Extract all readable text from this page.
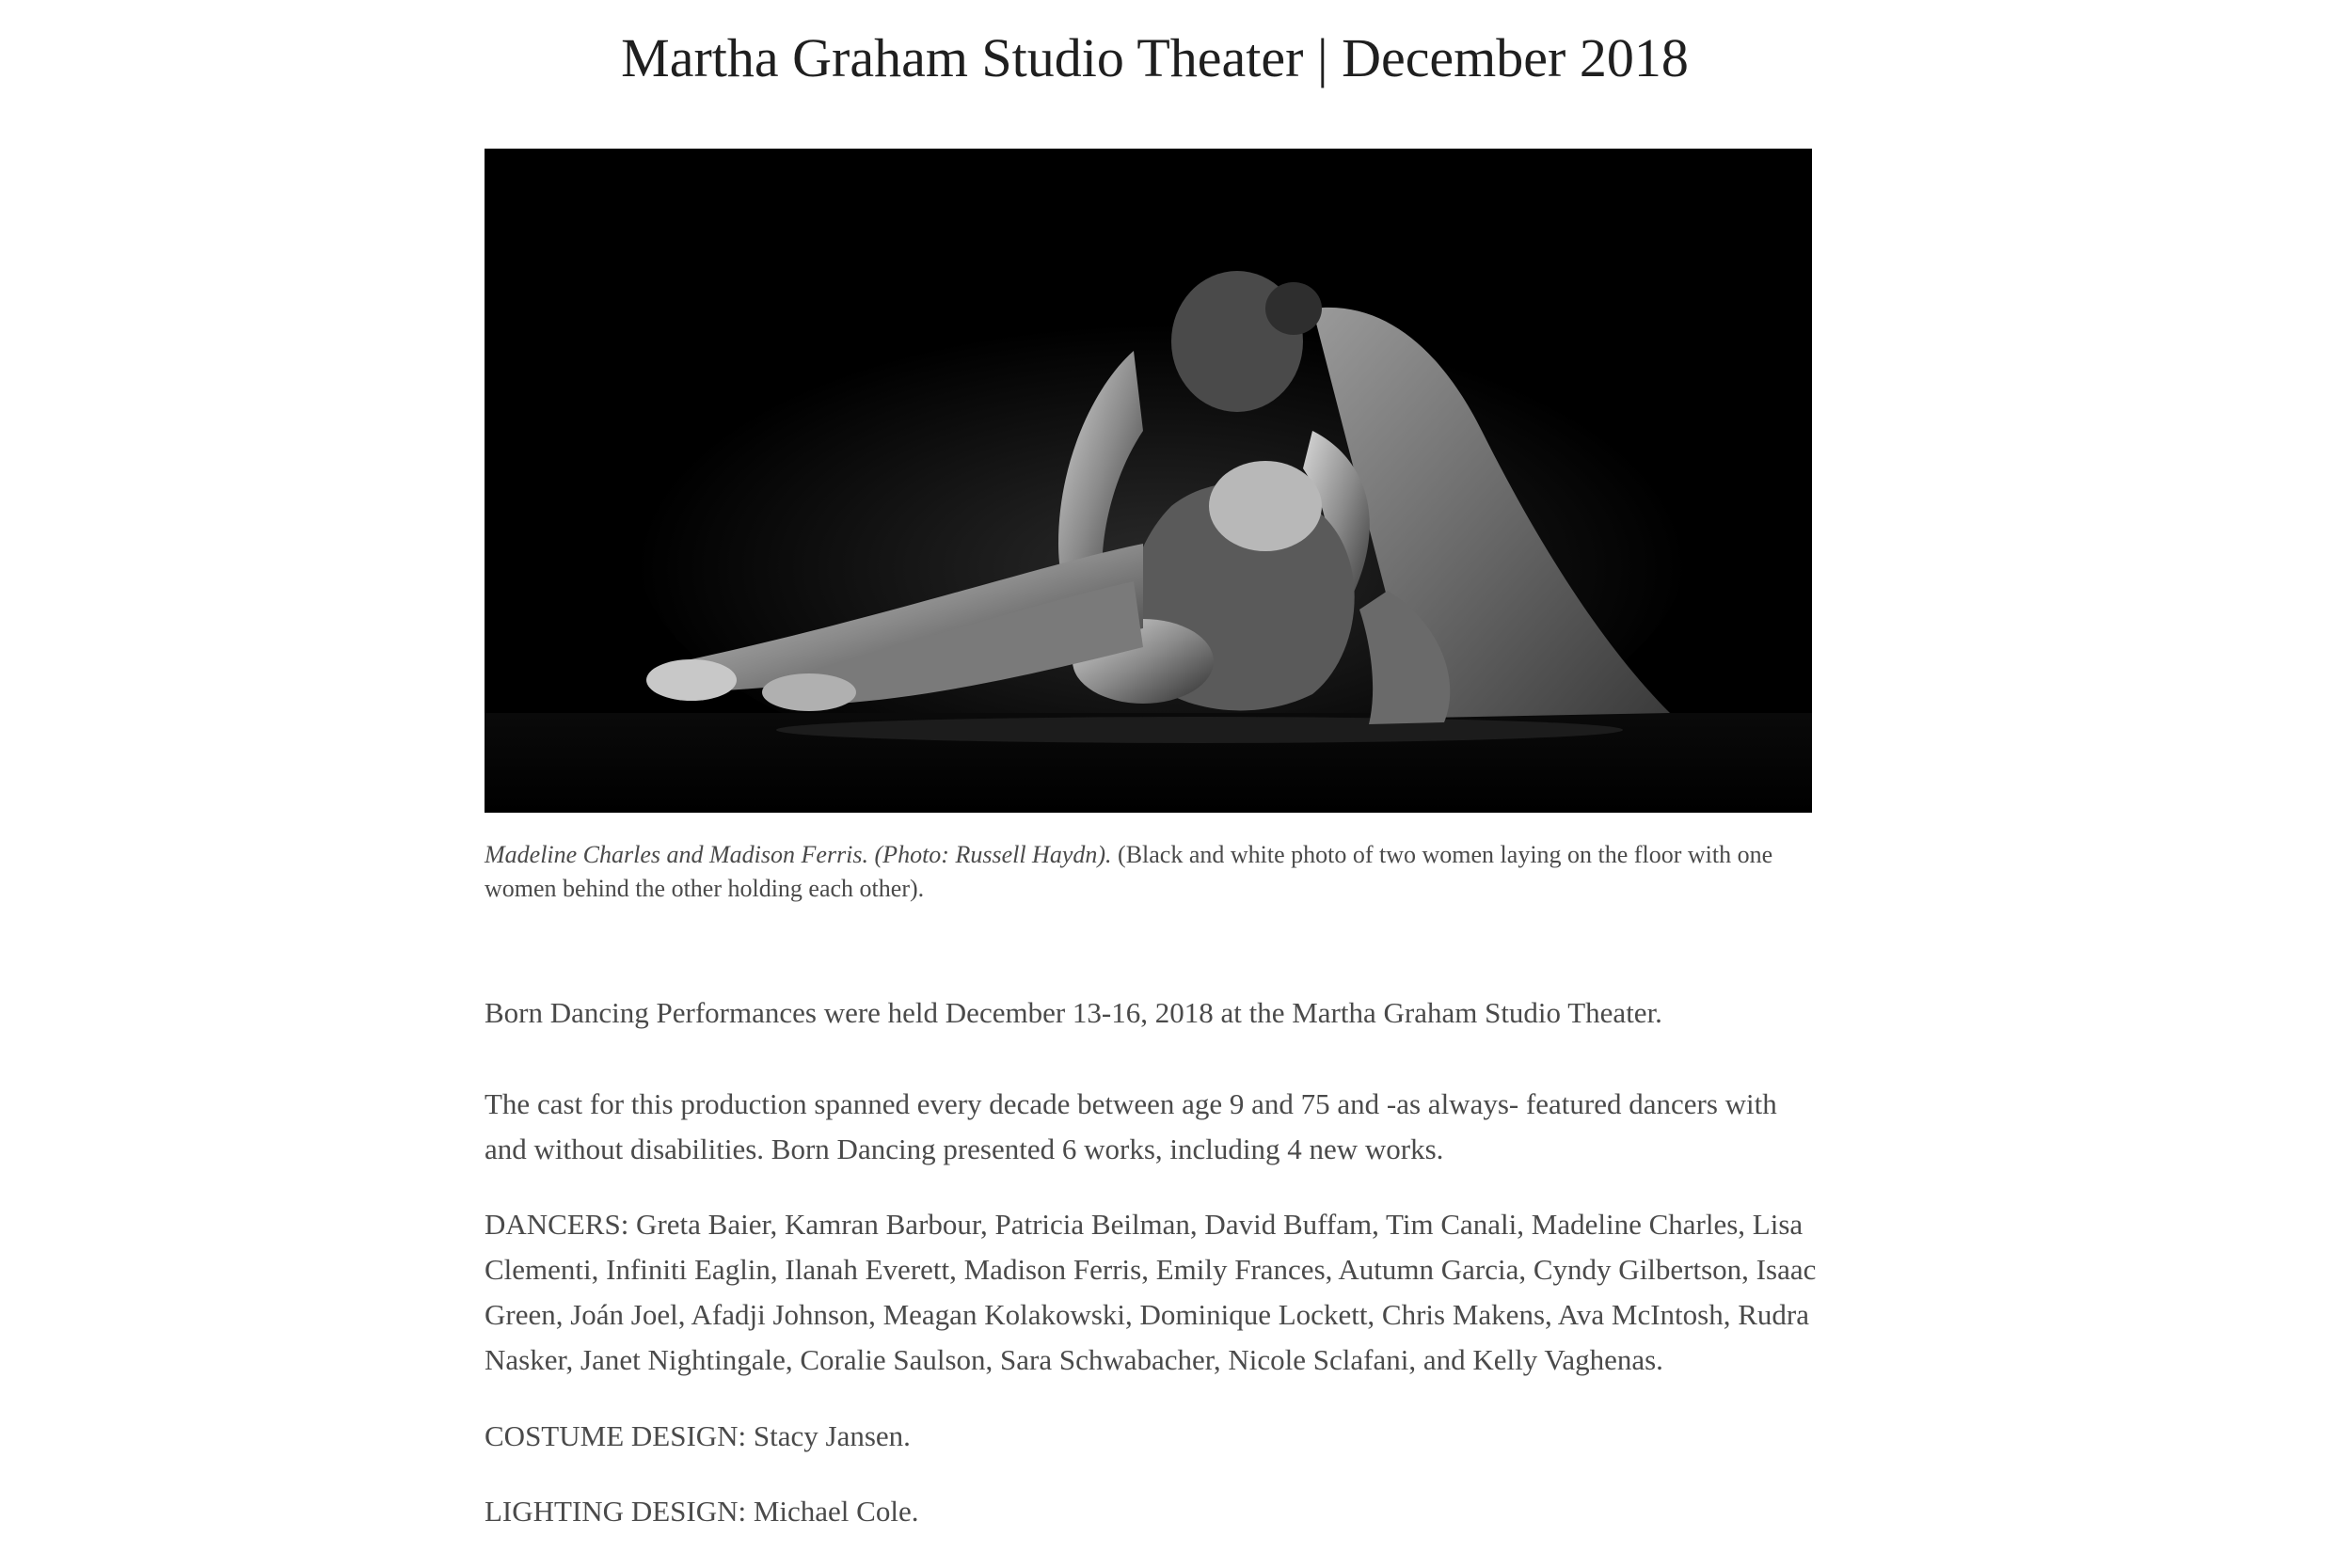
Martha Graham Studio Theater | December 2018

Madeline Charles and Madison Ferris. (Photo: Russell Haydn). (Black and white photo of two women laying on the floor with one women behind the other holding each other).

Born Dancing Performances were held December 13-16, 2018 at the Martha Graham Studio Theater.

The cast for this production spanned every decade between age 9 and 75 and -as always- featured dancers with and without disabilities. Born Dancing presented 6 works, including 4 new works.

DANCERS: Greta Baier, Kamran Barbour, Patricia Beilman, David Buffam, Tim Canali, Madeline Charles, Lisa Clementi, Infiniti Eaglin, Ilanah Everett, Madison Ferris, Emily Frances, Autumn Garcia, Cyndy Gilbertson, Isaac Green, Joán Joel, Afadji Johnson, Meagan Kolakowski, Dominique Lockett, Chris Makens, Ava McIntosh, Rudra Nasker, Janet Nightingale, Coralie Saulson, Sara Schwabacher, Nicole Sclafani, and Kelly Vaghenas.

COSTUME DESIGN: Stacy Jansen.

LIGHTING DESIGN: Michael Cole.
